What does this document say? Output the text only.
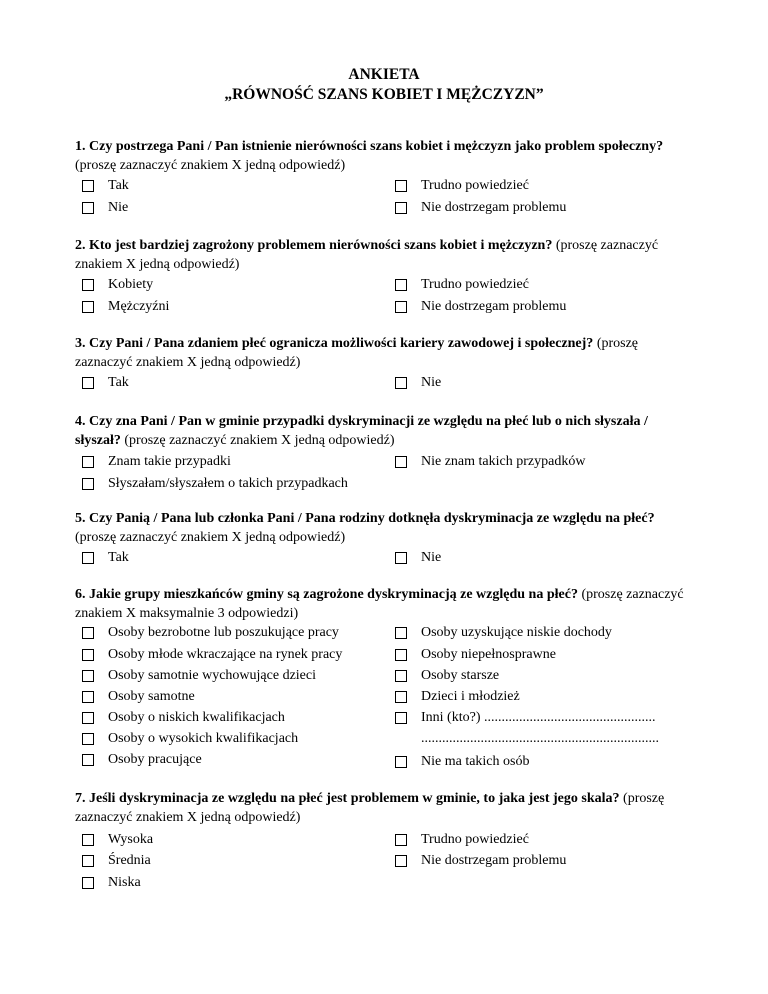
ANKIETA
„RÓWNOŚĆ SZANS KOBIET I MĘŻCZYZN”
1. Czy postrzega Pani / Pan istnienie nierówności szans kobiet i mężczyzn jako problem społeczny? (proszę zaznaczyć znakiem X jedną odpowiedź)
Tak
Nie
Trudno powiedzieć
Nie dostrzegam problemu
2. Kto jest bardziej zagrożony problemem nierówności szans kobiet i mężczyzn? (proszę zaznaczyć znakiem X jedną odpowiedź)
Kobiety
Mężczyźni
Trudno powiedzieć
Nie dostrzegam problemu
3. Czy Pani / Pana zdaniem płeć ogranicza możliwości kariery zawodowej i społecznej? (proszę zaznaczyć znakiem X jedną odpowiedź)
Tak	Nie
4. Czy zna Pani / Pan w gminie przypadki dyskryminacji ze względu na płeć lub o nich słyszała / słyszał? (proszę zaznaczyć znakiem X jedną odpowiedź)
Znam takie przypadki
Słyszałam/słyszałem o takich przypadkach
Nie znam takich przypadków
5. Czy Panią / Pana lub członka Pani / Pana rodziny dotknęła dyskryminacja ze względu na płeć? (proszę zaznaczyć znakiem X jedną odpowiedź)
Tak	Nie
6. Jakie grupy mieszkańców gminy są zagrożone dyskryminacją ze względu na płeć? (proszę zaznaczyć znakiem X maksymalnie 3 odpowiedzi)
Osoby bezrobotne lub poszukujące pracy
Osoby młode wkraczające na rynek pracy
Osoby samotnie wychowujące dzieci
Osoby samotne
Osoby o niskich kwalifikacjach
Osoby o wysokich kwalifikacjach
Osoby pracujące
Osoby uzyskujące niskie dochody
Osoby niepełnosprawne
Osoby starsze
Dzieci i młodzież
Inni (kto?) .................................................
....................................................................
Nie ma takich osób
7. Jeśli dyskryminacja ze względu na płeć jest problemem w gminie, to jaka jest jego skala? (proszę zaznaczyć znakiem X jedną odpowiedź)
Wysoka
Średnia
Niska
Trudno powiedzieć
Nie dostrzegam problemu
